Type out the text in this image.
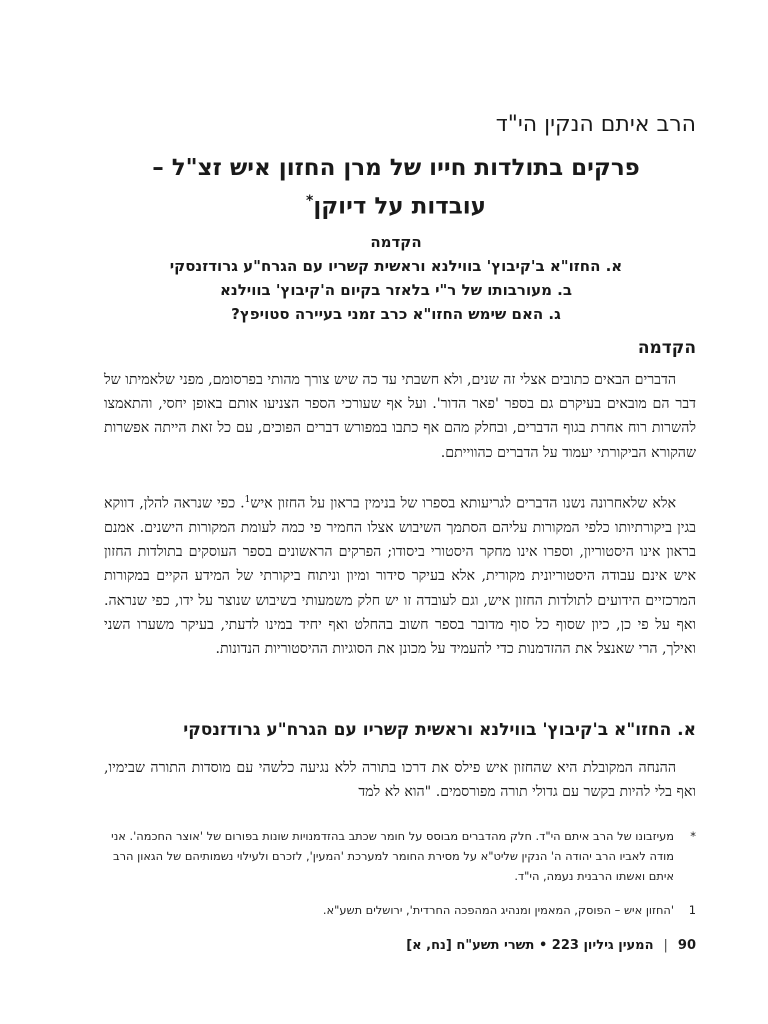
הרב איתם הנקין הי"ד
פרקים בתולדות חייו של מרן החזון איש זצ"ל –
עובדות על דיוקן*
הקדמה
א. החזו"א ב'קיבוץ' בווילנא וראשית קשריו עם הגרח"ע גרודזנסקי
ב. מעורבותו של ר"י בלאזר בקיום ה'קיבוץ' בווילנא
ג. האם שימש החזו"א כרב זמני בעיירה סטויפץ?
הקדמה

הדברים הבאים כתובים אצלי זה שנים, ולא חשבתי עד כה שיש צורך מהותי בפרסומם, מפני שלאמיתו של דבר הם מובאים בעיקרם גם בספר 'פאר הדור'. ועל אף שעורכי הספר הצניעו אותם באופן יחסי, והתאמצו להשרות רוח אחרת בגוף הדברים, ובחלק מהם אף כתבו במפורש דברים הפוכים, עם כל זאת הייתה אפשרות שהקורא הביקורתי יעמוד על הדברים כהווייתם.

אלא שלאחרונה נשנו הדברים לגריעותא בספרו של בנימין בראון על החזון איש$^1$. כפי שנראה להלן, דווקא בגין ביקורתיותו כלפי המקורות עליהם הסתמך השיבוש אצלו החמיר פי כמה לעומת המקורות הישנים. אמנם בראון אינו היסטוריון, וספרו אינו מחקר היסטורי ביסודו; הפרקים הראשונים בספר העוסקים בתולדות החזון איש אינם עבודה היסטוריונית מקורית, אלא בעיקר סידור ומיון וניתוח ביקורתי של המידע הקיים במקורות המרכזיים הידועים לתולדות החזון איש, וגם לעובדה זו יש חלק משמעותי בשיבוש שנוצר על ידו, כפי שנראה. ואף על פי כן, כיון שסוף כל סוף מדובר בספר חשוב בהחלט ואף יחיד במינו לדעתי, בעיקר משערו השני ואילך, הרי שאנצל את ההזדמנות כדי להעמיד על מכונן את הסוגיות ההיסטוריות הנדונות.

א. החזו"א ב'קיבוץ' בווילנא וראשית קשריו עם הגרח"ע גרודזנסקי

ההנחה המקובלת היא שהחזון איש פילס את דרכו בתורה ללא נגיעה כלשהי עם מוסדות התורה שבימיו, ואף בלי להיות בקשר עם גדולי תורה מפורסמים. "הוא לא למד

*
מעיזבונו של הרב איתם הי"ד. חלק מהדברים מבוסס על חומר שכתב בהזדמנויות שונות בפורום של 'אוצר החכמה'. אני מודה לאביו הרב יהודה ה' הנקין שליט"א על מסירת החומר למערכת 'המעין', לזכרם ולעילוי נשמותיהם של הגאון הרב איתם ואשתו הרבנית נעמה, הי"ד.
1
'החזון איש – הפוסק, המאמין ומנהיג המהפכה החרדית', ירושלים תשע"א.
90
|
המעין גיליון 223 • תשרי תשע"ח [נח, א]
